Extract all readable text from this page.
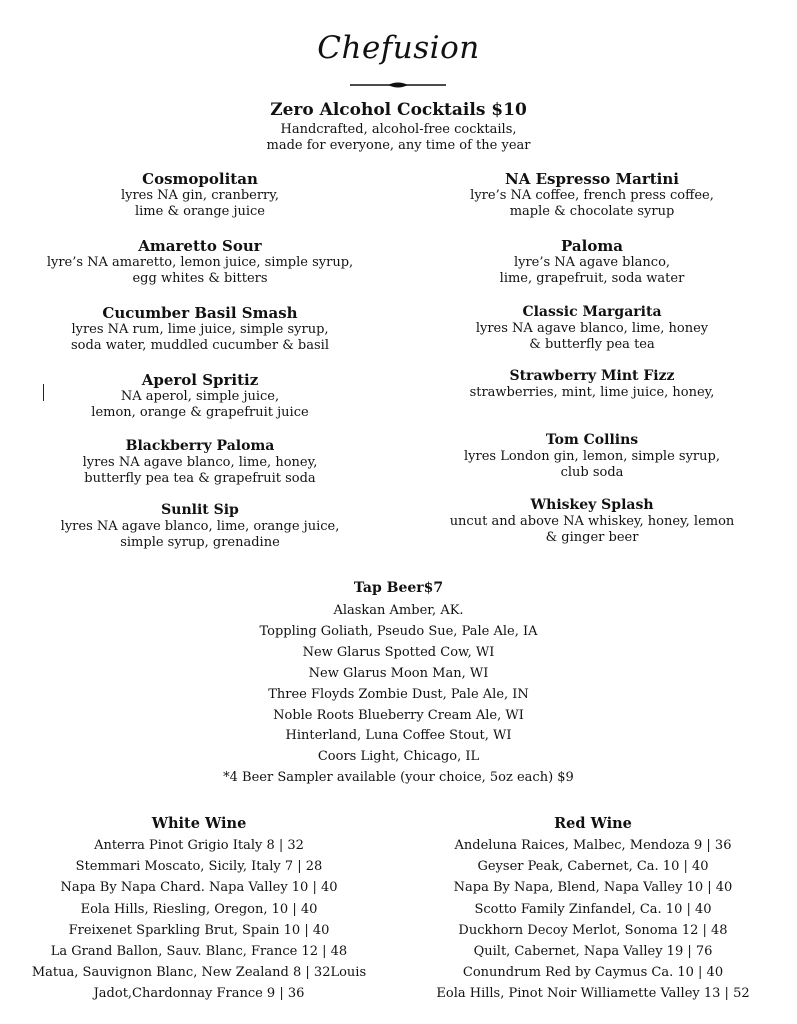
Chefusion
Zero Alcohol Cocktails $10
Handcrafted, alcohol-free cocktails,
made for everyone, any time of the year
Cosmopolitan
lyres NA gin, cranberry,
lime & orange juice
Amaretto Sour
lyre’s NA amaretto, lemon juice, simple syrup,
egg whites & bitters
Cucumber Basil Smash
lyres NA rum, lime juice, simple syrup,
soda water, muddled cucumber & basil
Aperol Spritiz
NA aperol, simple juice,
lemon, orange & grapefruit juice
Blackberry Paloma
lyres NA agave blanco, lime, honey,
butterfly pea tea & grapefruit soda
Sunlit Sip
lyres NA agave blanco, lime, orange juice,
simple syrup, grenadine
NA Espresso Martini
lyre’s NA coffee, french press coffee,
maple & chocolate syrup
Paloma
lyre’s NA agave blanco,
lime, grapefruit, soda water
Classic Margarita
lyres NA agave blanco, lime, honey
& butterfly pea tea
Strawberry Mint Fizz
strawberries, mint, lime juice, honey,
Tom Collins
lyres London gin, lemon, simple syrup,
club soda
Whiskey Splash
uncut and above NA whiskey, honey, lemon
& ginger beer
Tap Beer$7
Alaskan Amber, AK.
Toppling Goliath, Pseudo Sue, Pale Ale, IA
New Glarus Spotted Cow, WI
New Glarus Moon Man, WI
Three Floyds Zombie Dust, Pale Ale, IN
Noble Roots Blueberry Cream Ale, WI
Hinterland, Luna Coffee Stout, WI
Coors Light, Chicago, IL
*4 Beer Sampler available (your choice, 5oz each) $9
White Wine
Anterra Pinot Grigio Italy 8 | 32
Stemmari Moscato, Sicily, Italy 7 | 28
Napa By Napa Chard. Napa Valley 10 | 40
Eola Hills, Riesling, Oregon, 10 | 40
Freixenet Sparkling Brut, Spain 10 | 40
La Grand Ballon, Sauv. Blanc, France 12 | 48
Matua, Sauvignon Blanc, New Zealand 8 | 32Louis
Jadot,Chardonnay France 9 | 36
Red Wine
Andeluna Raices, Malbec, Mendoza 9 | 36
Geyser Peak, Cabernet, Ca. 10 | 40
Napa By Napa, Blend, Napa Valley 10 | 40
Scotto Family Zinfandel, Ca. 10 | 40
Duckhorn Decoy Merlot, Sonoma 12 | 48
Quilt, Cabernet, Napa Valley 19 | 76
Conundrum Red by Caymus Ca. 10 | 40
Eola Hills, Pinot Noir Williamette Valley 13 | 52
